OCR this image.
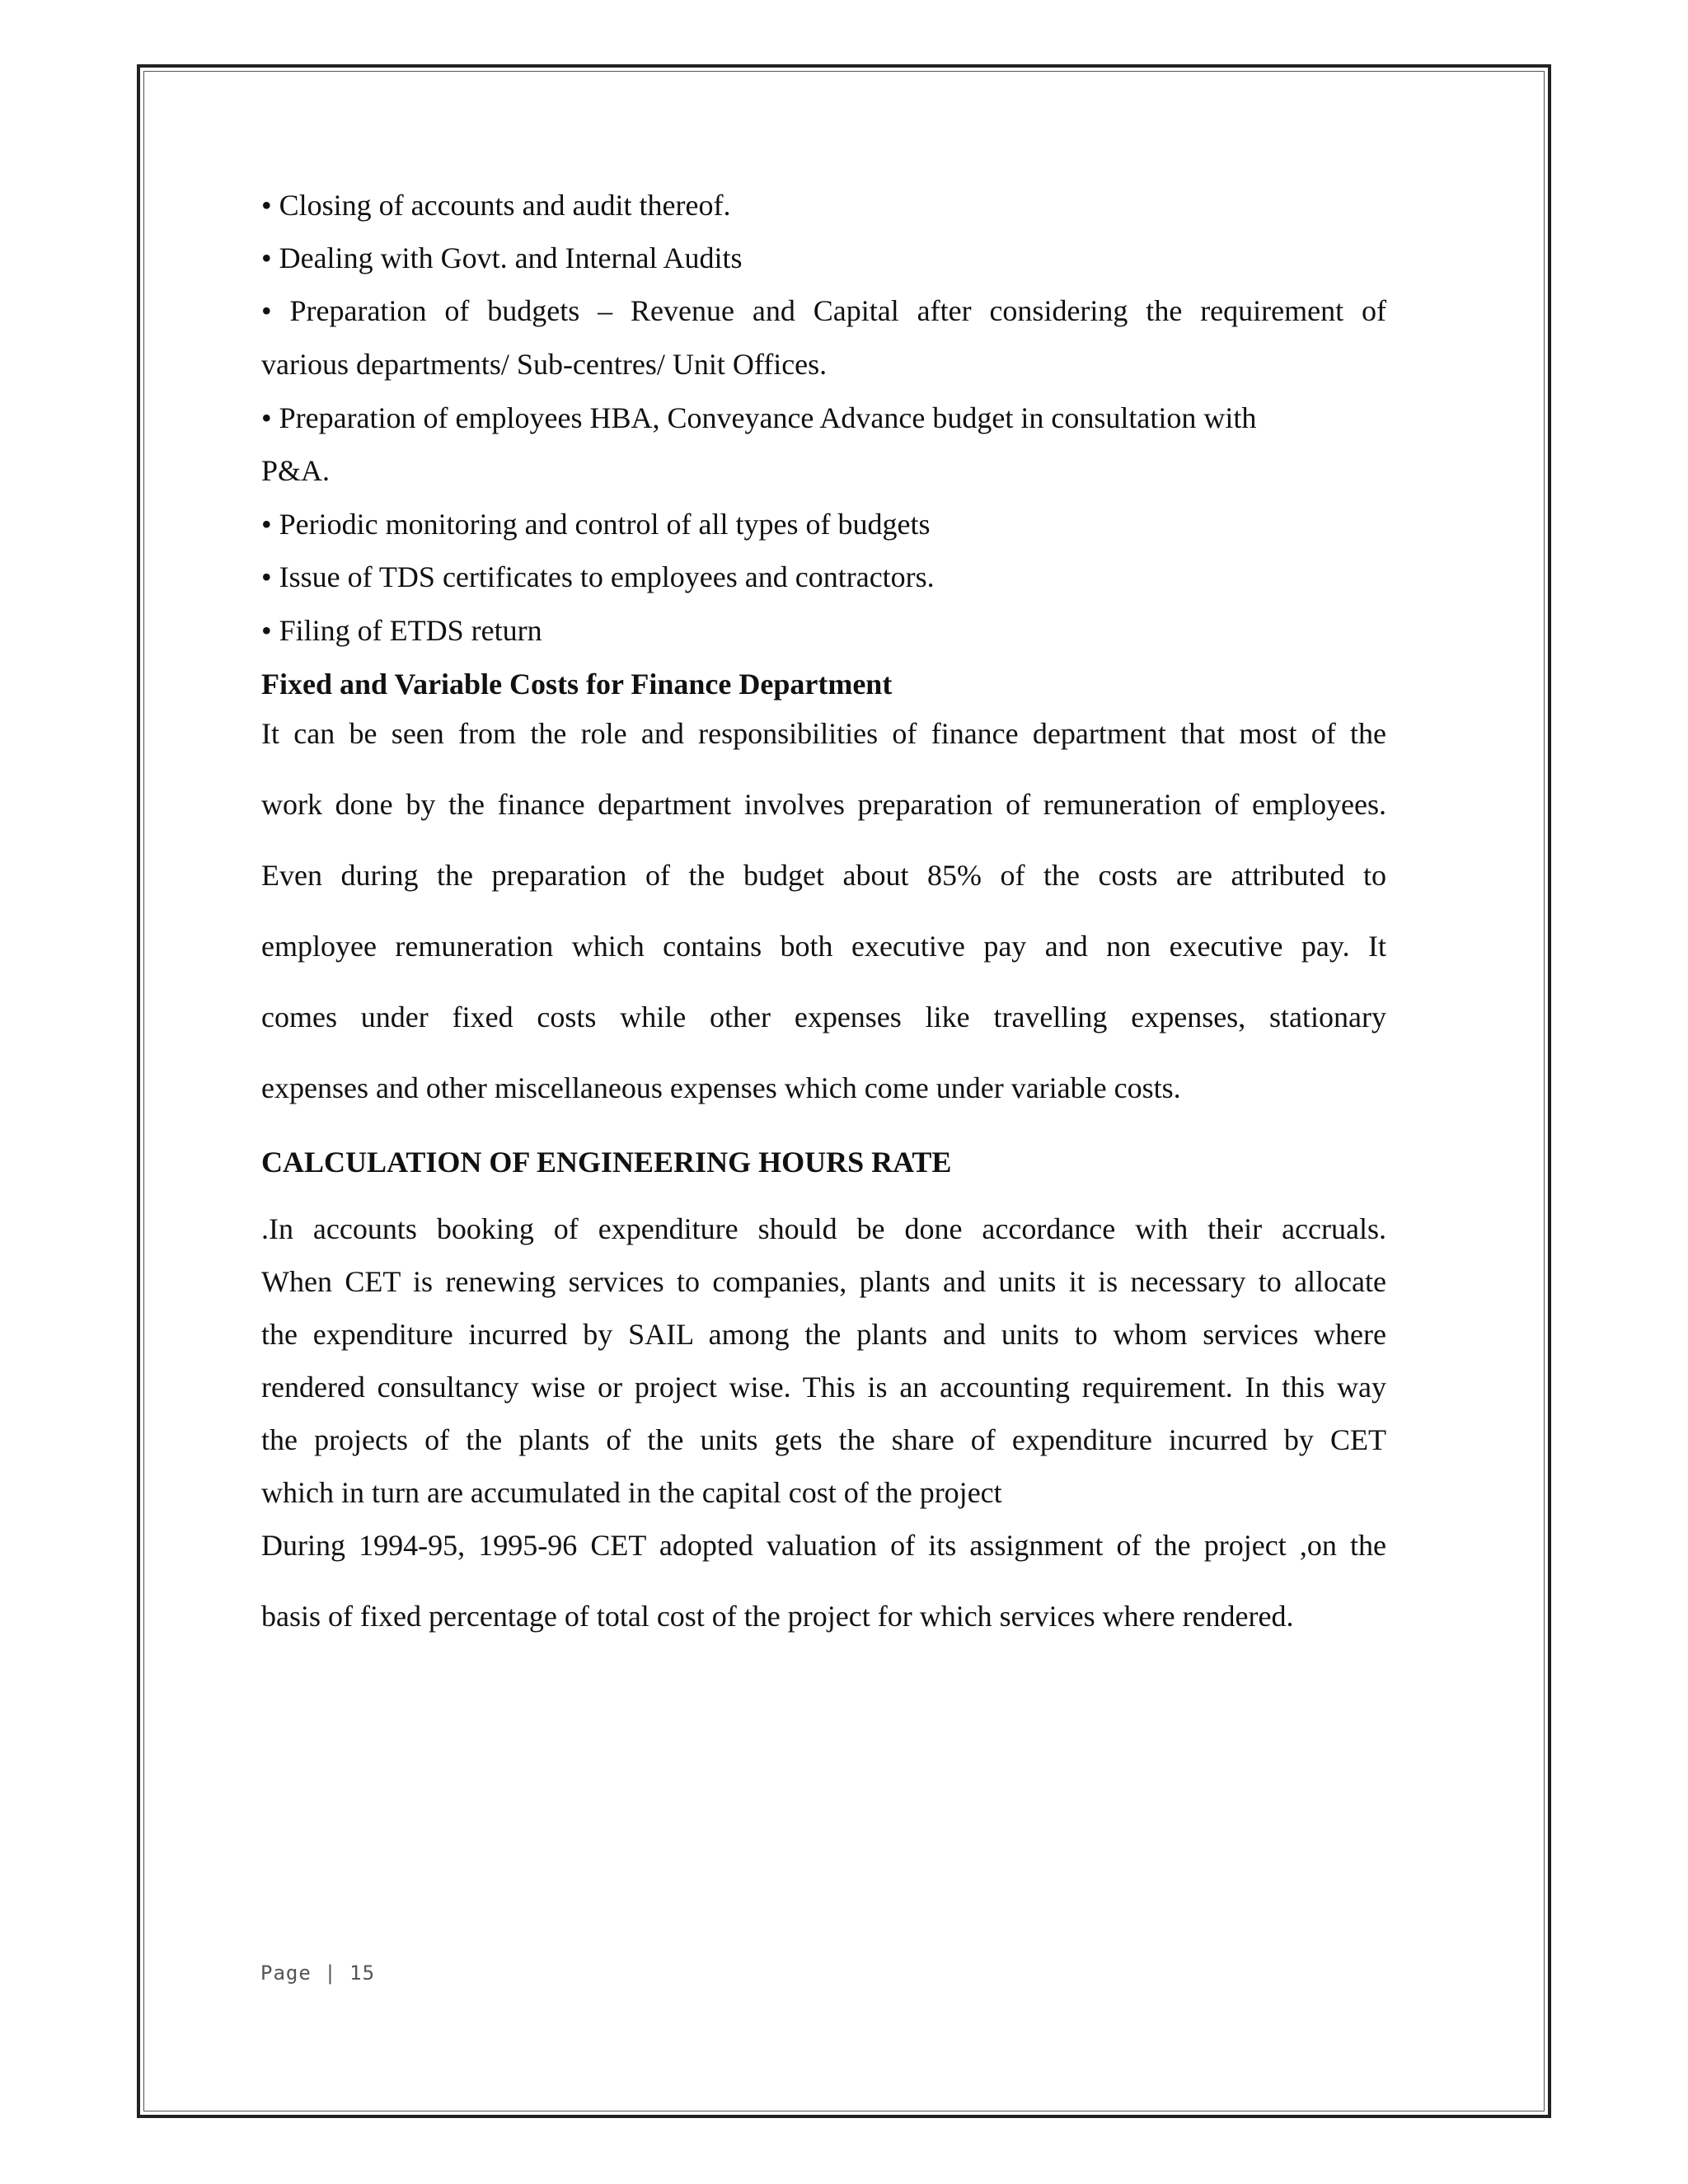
• Closing of accounts and audit thereof.
• Dealing with Govt. and Internal Audits
• Preparation of budgets – Revenue and Capital after considering the requirement of
various departments/ Sub-centres/ Unit Offices.
• Preparation of employees HBA, Conveyance Advance budget in consultation with
P&A.
• Periodic monitoring and control of all types of budgets
• Issue of TDS certificates to employees and contractors.
• Filing of ETDS return
Fixed and Variable Costs for Finance Department
It can be seen from the role and responsibilities of finance department that most of the
work done by the finance department involves preparation of remuneration of employees.
Even during the preparation of the budget about 85% of the costs are attributed to
employee remuneration which contains both executive pay and non executive pay. It
comes under fixed costs while other expenses like travelling expenses, stationary
expenses and other miscellaneous expenses which come under variable costs.
CALCULATION OF ENGINEERING HOURS RATE
.In accounts booking of expenditure should be done accordance with their accruals.
When CET is renewing services to companies, plants and units it is necessary to allocate
the expenditure incurred by SAIL among the plants and units to whom services where
rendered consultancy wise or project wise. This is an accounting requirement. In this way
the projects of the plants of the units gets the share of expenditure incurred by CET
which in turn are accumulated in the capital cost of the project
During 1994-95, 1995-96 CET adopted valuation of its assignment of the project ,on the
basis of fixed percentage of total cost of the project for which services where rendered.
Page | 15
